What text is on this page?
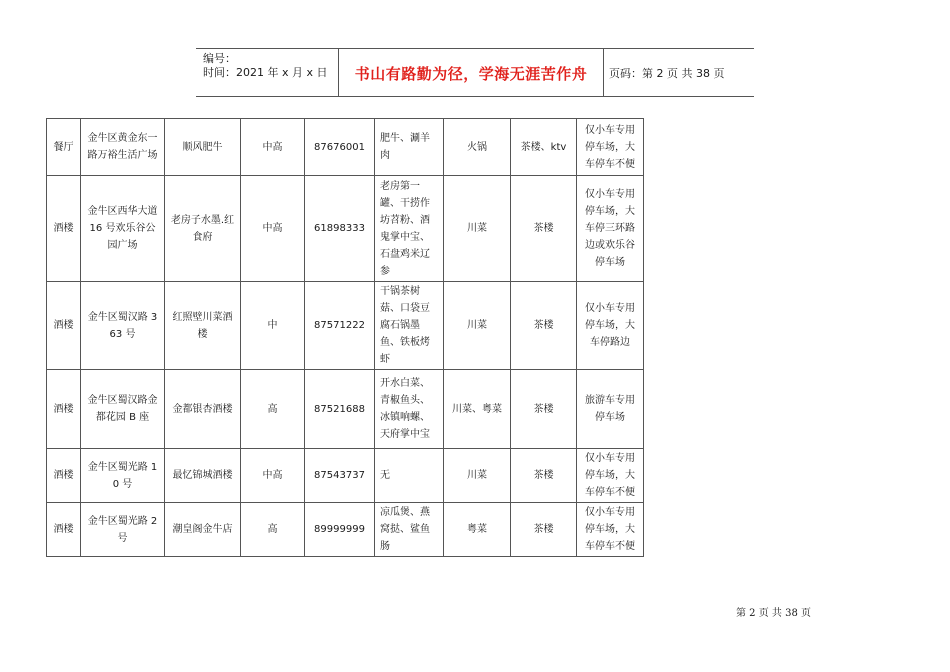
编号：
时间：2021 年 x 月 x 日	书山有路勤为径，学海无涯苦作舟	页码：第 2 页 共 38 页
餐厅	金牛区黄金东一路万裕生活广场	顺风肥牛	中高	87676001	肥牛、涮羊肉	火锅	茶楼、ktv	仅小车专用停车场，大车停车不便
酒楼	金牛区西华大道 16 号欢乐谷公园广场	老房子水墨.红食府	中高	61898333	老房第一罐、干捞作坊苕粉、酒鬼掌中宝、石盘鸡米辽参	川菜	茶楼	仅小车专用停车场，大车停三环路边或欢乐谷停车场
酒楼	金牛区蜀汉路 363 号	红照壁川菜酒楼	中	87571222	干锅茶树菇、口袋豆腐石锅墨鱼、铁板烤虾	川菜	茶楼	仅小车专用停车场，大车停路边
酒楼	金牛区蜀汉路金都花园 B 座	金都银杏酒楼	高	87521688	开水白菜、青椒鱼头、冰镇响螺、天府掌中宝	川菜、粤菜	茶楼	旅游车专用停车场
酒楼	金牛区蜀光路 10 号	最忆锦城酒楼	中高	87543737	无	川菜	茶楼	仅小车专用停车场，大车停车不便
酒楼	金牛区蜀光路 2 号	潮皇阁金牛店	高	89999999	凉瓜煲、燕窝挞、鲨鱼肠	粤菜	茶楼	仅小车专用停车场，大车停车不便
第 2 页 共 38 页
